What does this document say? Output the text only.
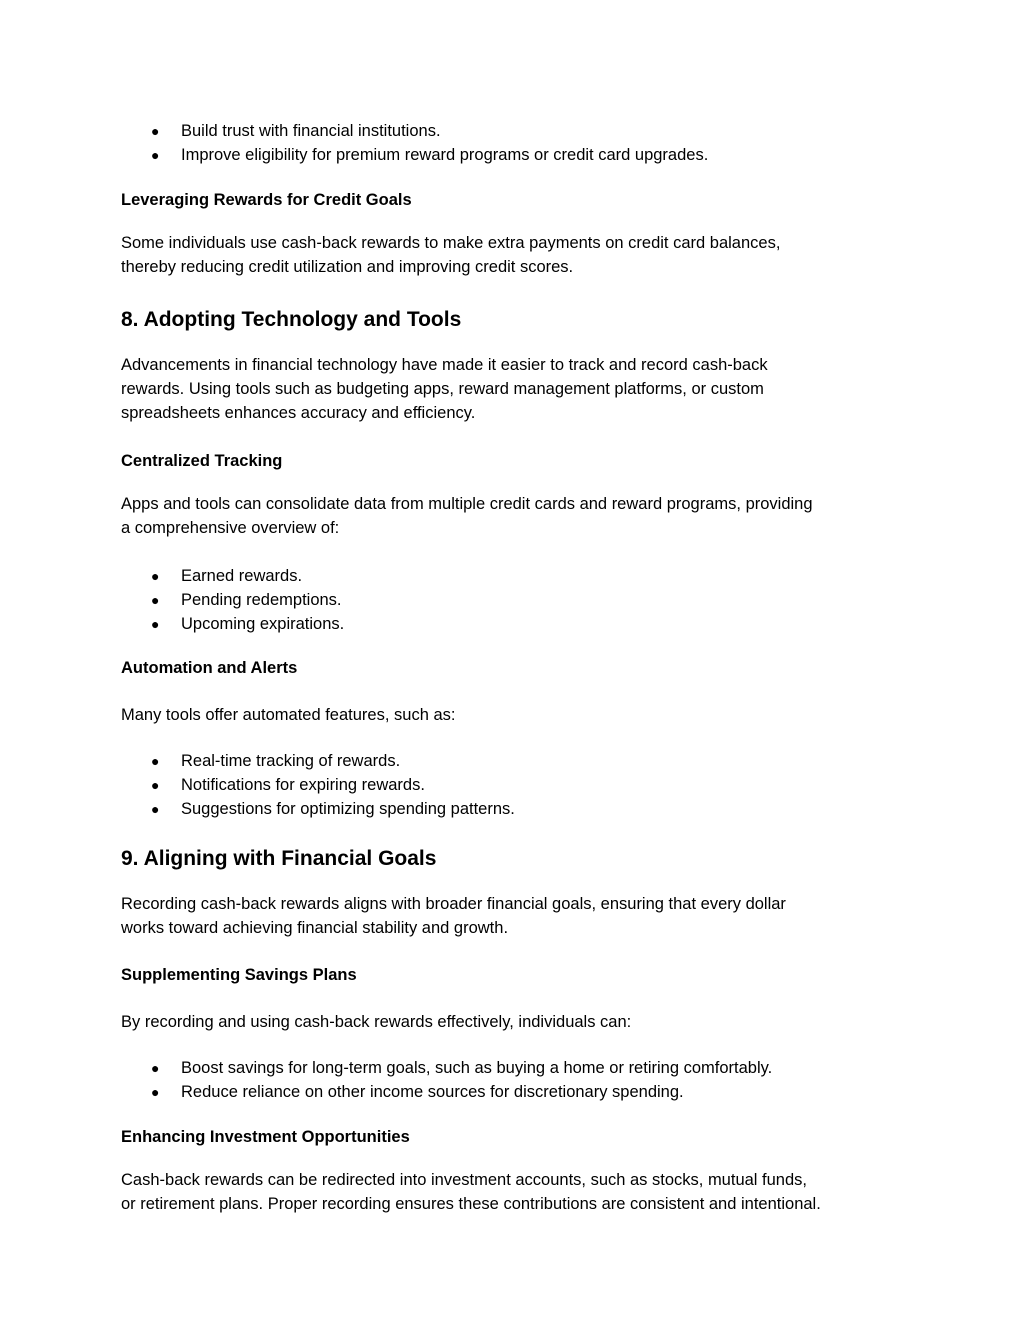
● Build trust with financial institutions.
● Improve eligibility for premium reward programs or credit card upgrades.
Leveraging Rewards for Credit Goals

Some individuals use cash-back rewards to make extra payments on credit card balances,
thereby reducing credit utilization and improving credit scores.

8. Adopting Technology and Tools

Advancements in financial technology have made it easier to track and record cash-back
rewards. Using tools such as budgeting apps, reward management platforms, or custom
spreadsheets enhances accuracy and efficiency.

Centralized Tracking

Apps and tools can consolidate data from multiple credit cards and reward programs, providing
a comprehensive overview of:

● Earned rewards.
● Pending redemptions.
● Upcoming expirations.
Automation and Alerts

Many tools offer automated features, such as:

● Real-time tracking of rewards.
● Notifications for expiring rewards.
● Suggestions for optimizing spending patterns.
9. Aligning with Financial Goals

Recording cash-back rewards aligns with broader financial goals, ensuring that every dollar
works toward achieving financial stability and growth.

Supplementing Savings Plans

By recording and using cash-back rewards effectively, individuals can:

● Boost savings for long-term goals, such as buying a home or retiring comfortably.
● Reduce reliance on other income sources for discretionary spending.
Enhancing Investment Opportunities

Cash-back rewards can be redirected into investment accounts, such as stocks, mutual funds,
or retirement plans. Proper recording ensures these contributions are consistent and intentional.
